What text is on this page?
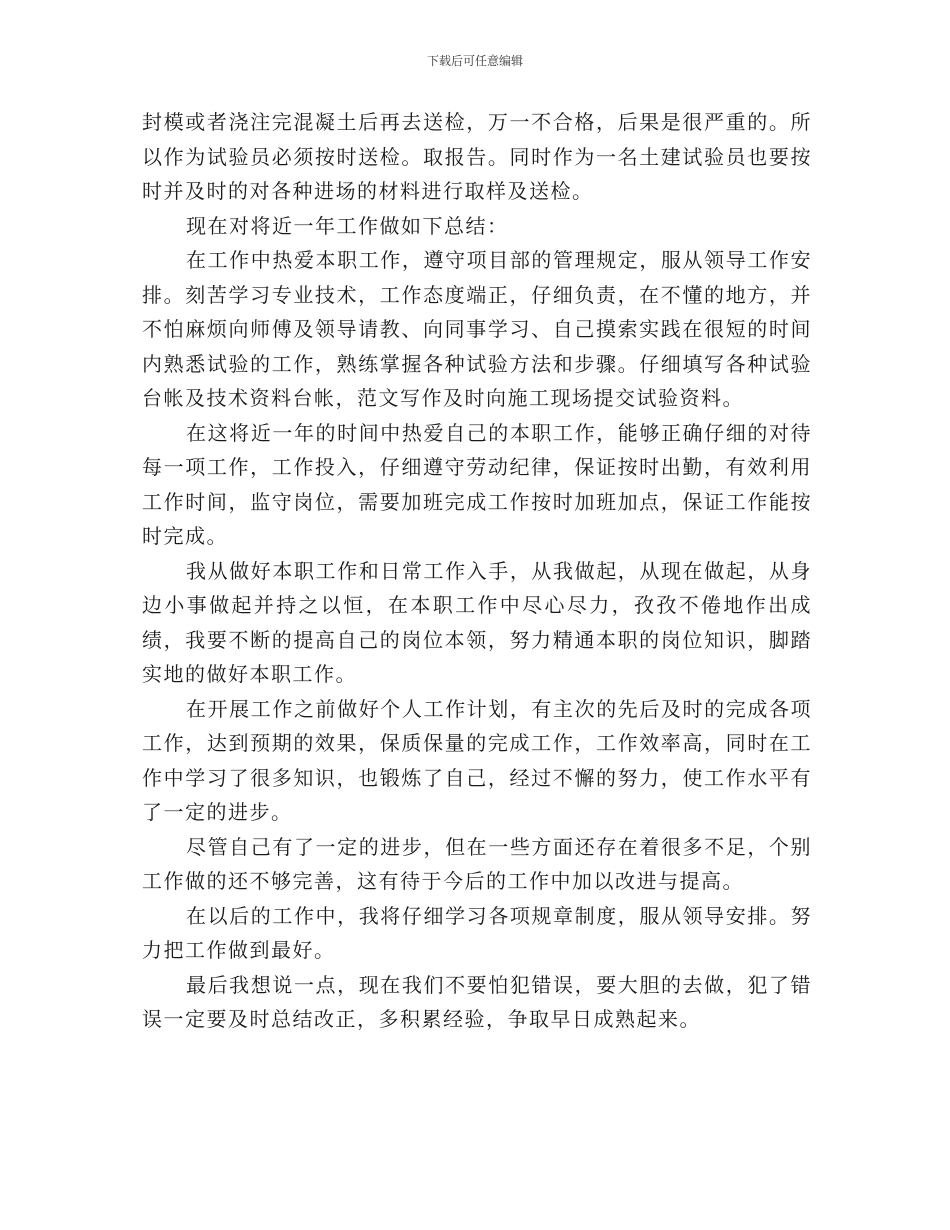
下载后可任意编辑

封模或者浇注完混凝土后再去送检，万一不合格，后果是很严重的。所以作为试验员必须按时送检。取报告。同时作为一名土建试验员也要按时并及时的对各种进场的材料进行取样及送检。

现在对将近一年工作做如下总结：

在工作中热爱本职工作，遵守项目部的管理规定，服从领导工作安排。刻苦学习专业技术，工作态度端正，仔细负责，在不懂的地方，并不怕麻烦向师傅及领导请教、向同事学习、自己摸索实践在很短的时间内熟悉试验的工作，熟练掌握各种试验方法和步骤。仔细填写各种试验台帐及技术资料台帐，范文写作及时向施工现场提交试验资料。

在这将近一年的时间中热爱自己的本职工作，能够正确仔细的对待每一项工作，工作投入，仔细遵守劳动纪律，保证按时出勤，有效利用工作时间，监守岗位，需要加班完成工作按时加班加点，保证工作能按时完成。

我从做好本职工作和日常工作入手，从我做起，从现在做起，从身边小事做起并持之以恒，在本职工作中尽心尽力，孜孜不倦地作出成绩，我要不断的提高自己的岗位本领，努力精通本职的岗位知识，脚踏实地的做好本职工作。

在开展工作之前做好个人工作计划，有主次的先后及时的完成各项工作，达到预期的效果，保质保量的完成工作，工作效率高，同时在工作中学习了很多知识，也锻炼了自己，经过不懈的努力，使工作水平有了一定的进步。

尽管自己有了一定的进步，但在一些方面还存在着很多不足，个别工作做的还不够完善，这有待于今后的工作中加以改进与提高。

在以后的工作中，我将仔细学习各项规章制度，服从领导安排。努力把工作做到最好。

最后我想说一点，现在我们不要怕犯错误，要大胆的去做，犯了错误一定要及时总结改正，多积累经验，争取早日成熟起来。
